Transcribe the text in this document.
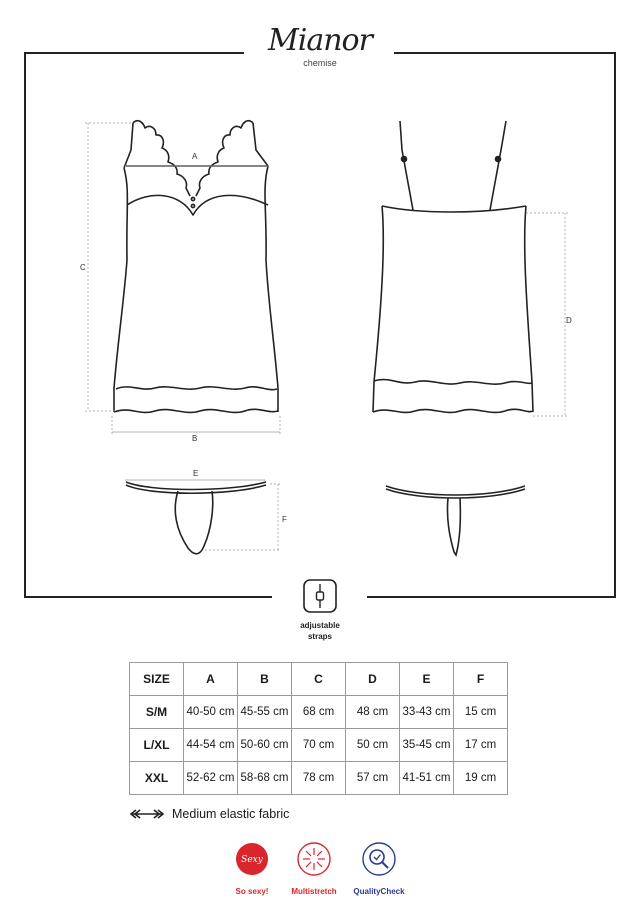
Mianor
chemise
A
C
B
D
E
F
adjustable
straps
SIZE	A	B	C	D	E	F
S/M	40-50 cm	45-55 cm	68 cm	48 cm	33-43 cm	15 cm
L/XL	44-54 cm	50-60 cm	70 cm	50 cm	35-45 cm	17 cm
XXL	52-62 cm	58-68 cm	78 cm	57 cm	41-51 cm	19 cm
Medium elastic fabric
Sexy
So sexy!	Multistretch	QualityCheck
